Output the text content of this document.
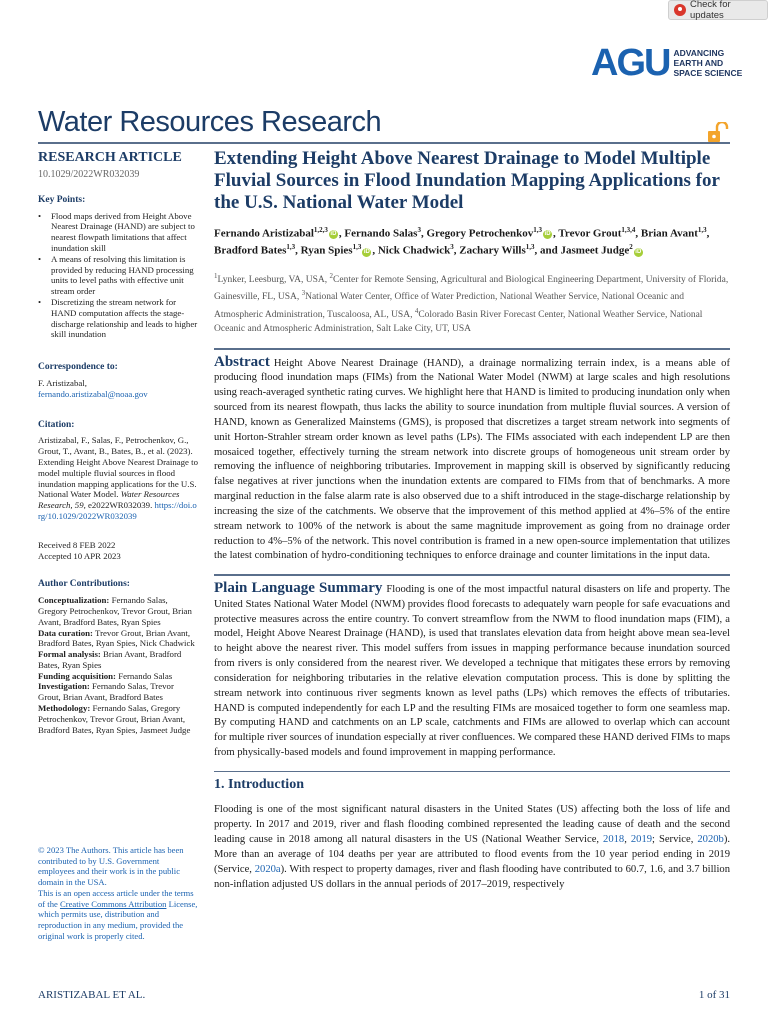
Check for updates
AGU ADVANCING
EARTH AND
SPACE SCIENCE
Water Resources Research
RESEARCH ARTICLE
10.1029/2022WR032039
Key Points:
• Flood maps derived from Height Above Nearest Drainage (HAND) are subject to nearest flowpath limitations that affect inundation skill
• A means of resolving this limitation is provided by reducing HAND processing units to level paths with effective unit stream order
• Discretizing the stream network for HAND computation affects the stage-discharge relationship and leads to higher skill inundation
Correspondence to:
F. Aristizabal,
fernando.aristizabal@noaa.gov
Citation:
Aristizabal, F., Salas, F., Petrochenkov, G., Grout, T., Avant, B., Bates, B., et al. (2023). Extending Height Above Nearest Drainage to model multiple fluvial sources in flood inundation mapping applications for the U.S. National Water Model. Water Resources Research, 59, e2022WR032039. https://doi.org/10.1029/2022WR032039
Received 8 FEB 2022
Accepted 10 APR 2023
Author Contributions:
Conceptualization: Fernando Salas, Gregory Petrochenkov, Trevor Grout, Brian Avant, Bradford Bates, Ryan Spies
Data curation: Trevor Grout, Brian Avant, Bradford Bates, Ryan Spies, Nick Chadwick
Formal analysis: Brian Avant, Bradford Bates, Ryan Spies
Funding acquisition: Fernando Salas
Investigation: Fernando Salas, Trevor Grout, Brian Avant, Bradford Bates
Methodology: Fernando Salas, Gregory Petrochenkov, Trevor Grout, Brian Avant, Bradford Bates, Ryan Spies, Jasmeet Judge
© 2023 The Authors. This article has been contributed to by U.S. Government employees and their work is in the public domain in the USA.
This is an open access article under the terms of the Creative Commons Attribution License, which permits use, distribution and reproduction in any medium, provided the original work is properly cited.
Extending Height Above Nearest Drainage to Model Multiple Fluvial Sources in Flood Inundation Mapping Applications for the U.S. National Water Model
Fernando Aristizabal$^{1,2,3}$iD , Fernando Salas$^3$, Gregory Petrochenkov$^{1,3}$iD , Trevor Grout$^{1,3,4}$, Brian Avant$^{1,3}$, Bradford Bates$^{1,3}$, Ryan Spies$^{1,3}$iD , Nick Chadwick$^3$, Zachary Wills$^{1,3}$, and Jasmeet Judge$^2$iD
$^1$Lynker, Leesburg, VA, USA, $^2$Center for Remote Sensing, Agricultural and Biological Engineering Department, University of Florida, Gainesville, FL, USA, $^3$National Water Center, Office of Water Prediction, National Weather Service, National Oceanic and Atmospheric Administration, Tuscaloosa, AL, USA, $^4$Colorado Basin River Forecast Center, National Weather Service, National Oceanic and Atmospheric Administration, Salt Lake City, UT, USA

Abstract Height Above Nearest Drainage (HAND), a drainage normalizing terrain index, is a means able of producing flood inundation maps (FIMs) from the National Water Model (NWM) at large scales and high resolutions using reach-averaged synthetic rating curves. We highlight here that HAND is limited to producing inundation only when sourced from its nearest flowpath, thus lacks the ability to source inundation from multiple fluvial sources. A version of HAND, known as Generalized Mainstems (GMS), is proposed that discretizes a target stream network into segments of unit Horton-Strahler stream order known as level paths (LPs). The FIMs associated with each independent LP are then mosaiced together, effectively turning the stream network into discrete groups of homogeneous unit stream order by removing the influence of neighboring tributaries. Improvement in mapping skill is observed by significantly reducing false negatives at river junctions when the inundation extents are compared to FIMs from that of benchmarks. A more marginal reduction in the false alarm rate is also observed due to a shift introduced in the stage-discharge relationship by increasing the size of the catchments. We observe that the improvement of this method applied at 4%–5% of the entire stream network to 100% of the network is about the same magnitude improvement as going from no drainage order reduction to 4%–5% of the network. This novel contribution is framed in a new open-source implementation that utilizes the latest combination of hydro-conditioning techniques to enforce drainage and counter limitations in the input data.

Plain Language Summary Flooding is one of the most impactful natural disasters on life and property. The United States National Water Model (NWM) provides flood forecasts to adequately warn people for safe evacuations and protective measures across the entire country. To convert streamflow from the NWM to flood inundation maps (FIM), a model, Height Above Nearest Drainage (HAND), is used that translates elevation data from height above mean sea-level to height above the nearest river. This model suffers from issues in mapping performance because inundation sourced from rivers is only considered from the nearest river. We developed a technique that mitigates these errors by removing consideration for neighboring tributaries in the relative elevation computation process. This is done by splitting the stream network into continuous river segments known as level paths (LPs) which removes the effects of tributaries. HAND is computed independently for each LP and the resulting FIMs are mosaiced together to form one seamless map. By computing HAND and catchments on an LP scale, catchments and FIMs are allowed to overlap which can account for multiple river sources of inundation especially at river confluences. We compared these HAND derived FIMs to maps from physically-based models and found improvement in mapping performance.

1. Introduction

Flooding is one of the most significant natural disasters in the United States (US) affecting both the loss of life and property. In 2017 and 2019, river and flash flooding combined represented the leading cause of death and the second leading cause in 2018 among all natural disasters in the US (National Weather Service, 2018, 2019; Service, 2020b). More than an average of 104 deaths per year are attributed to flood events from the 10 year period ending in 2019 (Service, 2020a). With respect to property damages, river and flash flooding have contributed to 60.7, 1.6, and 3.7 billion non-inflation adjusted US dollars in the annual periods of 2017–2019, respectively

ARISTIZABAL ET AL.	1 of 31
